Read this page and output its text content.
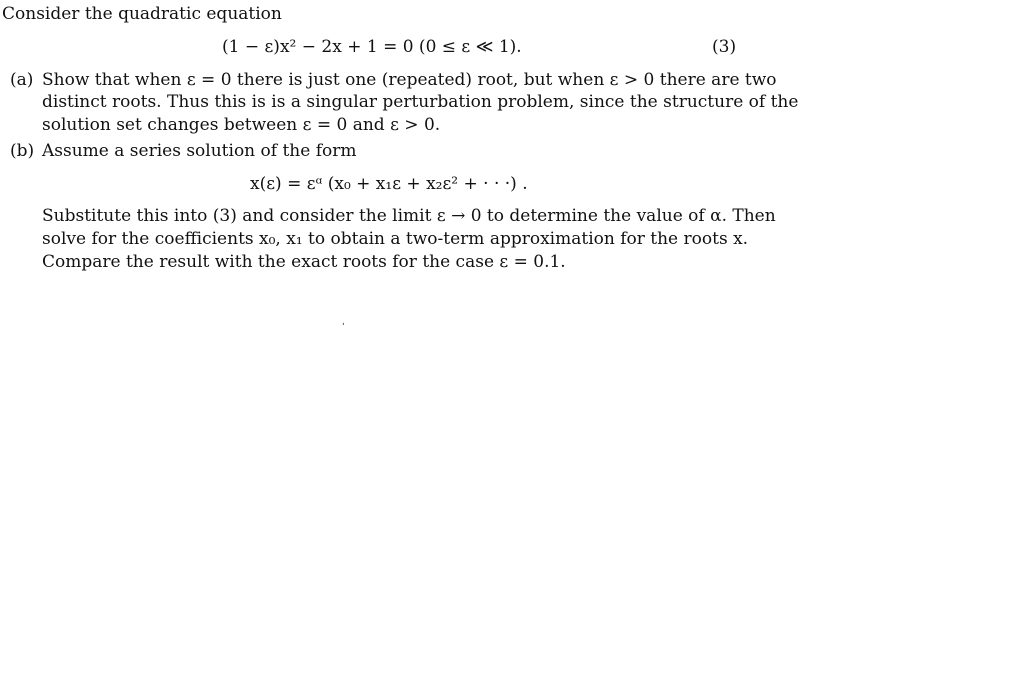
Consider the quadratic equation
(1 − ε)x² − 2x + 1 = 0 (0 ≤ ε ≪ 1).	(3)
(a) Show that when ε = 0 there is just one (repeated) root, but when ε > 0 there are two
distinct roots. Thus this is is a singular perturbation problem, since the structure of the
solution set changes between ε = 0 and ε > 0.
(b) Assume a series solution of the form
x(ε) = εᵅ (x₀ + x₁ε + x₂ε² + · · ·) .
Substitute this into (3) and consider the limit ε → 0 to determine the value of α. Then
solve for the coefficients x₀, x₁ to obtain a two-term approximation for the roots x.
Compare the result with the exact roots for the case ε = 0.1.
ˌ
